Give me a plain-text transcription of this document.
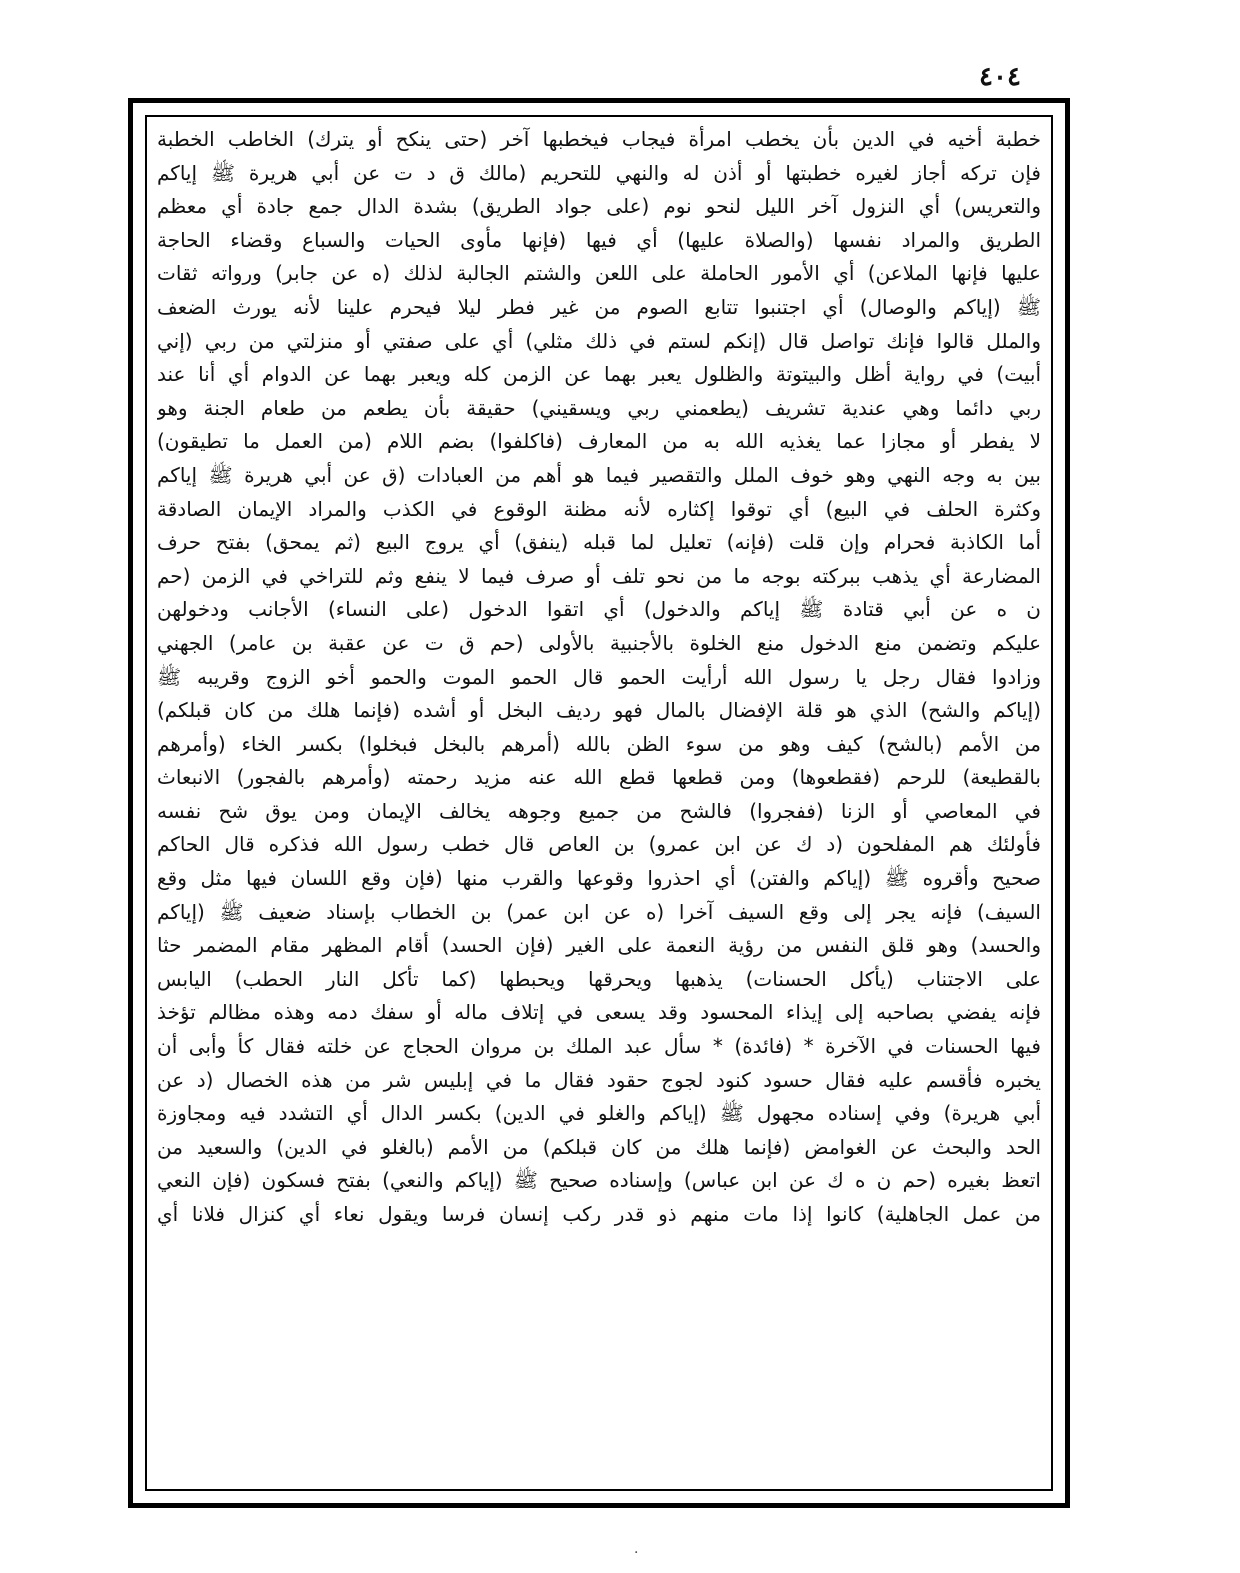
٤٠٤
خطبة أخيه في الدين بأن يخطب امرأة فيجاب فيخطبها آخر (حتى ينكح أو يترك) الخاطب الخطبة
فإن تركه أجاز لغيره خطبتها أو أذن له والنهي للتحريم (مالك ق د ت عن أبي هريرة ﷺ إياكم
والتعريس) أي النزول آخر الليل لنحو نوم (على جواد الطريق) بشدة الدال جمع جادة أي معظم
الطريق والمراد نفسها (والصلاة عليها) أي فيها (فإنها مأوى الحيات والسباع وقضاء الحاجة
عليها فإنها الملاعن) أي الأمور الحاملة على اللعن والشتم الجالبة لذلك (ه عن جابر) ورواته ثقات
ﷺ (إياكم والوصال) أي اجتنبوا تتابع الصوم من غير فطر ليلا فيحرم علينا لأنه يورث الضعف
والملل قالوا فإنك تواصل قال (إنكم لستم في ذلك مثلي) أي على صفتي أو منزلتي من ربي (إني
أبيت) في رواية أظل والبيتوتة والظلول يعبر بهما عن الزمن كله ويعبر بهما عن الدوام أي أنا عند
ربي دائما وهي عندية تشريف (يطعمني ربي ويسقيني) حقيقة بأن يطعم من طعام الجنة وهو
لا يفطر أو مجازا عما يغذيه الله به من المعارف (فاكلفوا) بضم اللام (من العمل ما تطيقون)
بين به وجه النهي وهو خوف الملل والتقصير فيما هو أهم من العبادات (ق عن أبي هريرة ﷺ إياكم
وكثرة الحلف في البيع) أي توقوا إكثاره لأنه مظنة الوقوع في الكذب والمراد الإيمان الصادقة
أما الكاذبة فحرام وإن قلت (فإنه) تعليل لما قبله (ينفق) أي يروج البيع (ثم يمحق) بفتح حرف
المضارعة أي يذهب ببركته بوجه ما من نحو تلف أو صرف فيما لا ينفع وثم للتراخي في الزمن (حم
ن ه عن أبي قتادة ﷺ إياكم والدخول) أي اتقوا الدخول (على النساء) الأجانب ودخولهن
عليكم وتضمن منع الدخول منع الخلوة بالأجنبية بالأولى (حم ق ت عن عقبة بن عامر) الجهني
وزادوا فقال رجل يا رسول الله أرأيت الحمو قال الحمو الموت والحمو أخو الزوج وقريبه ﷺ
(إياكم والشح) الذي هو قلة الإفضال بالمال فهو رديف البخل أو أشده (فإنما هلك من كان قبلكم)
من الأمم (بالشح) كيف وهو من سوء الظن بالله (أمرهم بالبخل فبخلوا) بكسر الخاء (وأمرهم
بالقطيعة) للرحم (فقطعوها) ومن قطعها قطع الله عنه مزيد رحمته (وأمرهم بالفجور) الانبعاث
في المعاصي أو الزنا (ففجروا) فالشح من جميع وجوهه يخالف الإيمان ومن يوق شح نفسه
فأولئك هم المفلحون (د ك عن ابن عمرو) بن العاص قال خطب رسول الله فذكره قال الحاكم
صحيح وأقروه ﷺ (إياكم والفتن) أي احذروا وقوعها والقرب منها (فإن وقع اللسان فيها مثل وقع
السيف) فإنه يجر إلى وقع السيف آخرا (ه عن ابن عمر) بن الخطاب بإسناد ضعيف ﷺ (إياكم
والحسد) وهو قلق النفس من رؤية النعمة على الغير (فإن الحسد) أقام المظهر مقام المضمر حثا
على الاجتناب (يأكل الحسنات) يذهبها ويحرقها ويحبطها (كما تأكل النار الحطب) اليابس
فإنه يفضي بصاحبه إلى إيذاء المحسود وقد يسعى في إتلاف ماله أو سفك دمه وهذه مظالم تؤخذ
فيها الحسنات في الآخرة * (فائدة) * سأل عبد الملك بن مروان الحجاج عن خلته فقال كأ وأبى أن
يخبره فأقسم عليه فقال حسود كنود لجوج حقود فقال ما في إبليس شر من هذه الخصال (د عن
أبي هريرة) وفي إسناده مجهول ﷺ (إياكم والغلو في الدين) بكسر الدال أي التشدد فيه ومجاوزة
الحد والبحث عن الغوامض (فإنما هلك من كان قبلكم) من الأمم (بالغلو في الدين) والسعيد من
اتعظ بغيره (حم ن ه ك عن ابن عباس) وإسناده صحيح ﷺ (إياكم والنعي) بفتح فسكون (فإن النعي
من عمل الجاهلية) كانوا إذا مات منهم ذو قدر ركب إنسان فرسا ويقول نعاء أي كنزال فلانا أي
·
